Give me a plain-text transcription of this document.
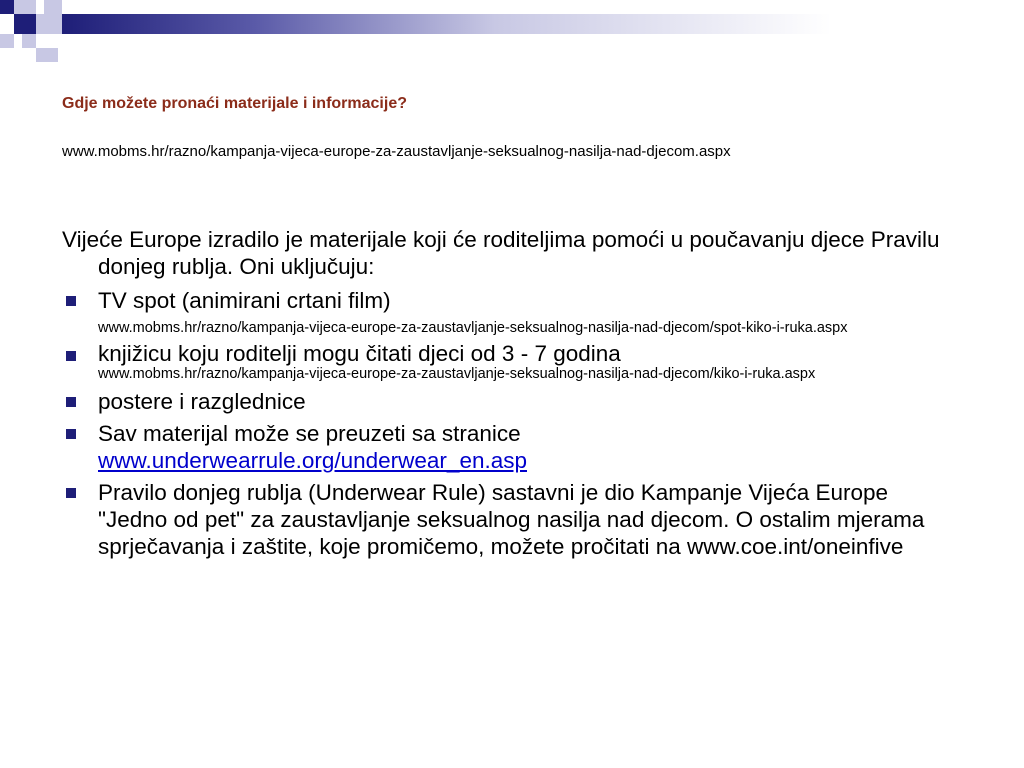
Gdje možete pronaći materijale i informacije?
www.mobms.hr/razno/kampanja-vijeca-europe-za-zaustavljanje-seksualnog-nasilja-nad-djecom.aspx

Vijeće Europe izradilo je materijale koji će roditeljima pomoći u poučavanju djece Pravilu donjeg rublja. Oni uključuju:

TV spot (animirani crtani film)
www.mobms.hr/razno/kampanja-vijeca-europe-za-zaustavljanje-seksualnog-nasilja-nad-djecom/spot-kiko-i-ruka.aspx
knjižicu koju roditelji mogu čitati djeci od 3 - 7 godina
www.mobms.hr/razno/kampanja-vijeca-europe-za-zaustavljanje-seksualnog-nasilja-nad-djecom/kiko-i-ruka.aspx
postere i razglednice
Sav materijal može se preuzeti sa stranice
www.underwearrule.org/underwear_en.asp
Pravilo donjeg rublja (Underwear Rule) sastavni je dio Kampanje Vijeća Europe "Jedno od pet" za zaustavljanje seksualnog nasilja nad djecom. O ostalim mjerama sprječavanja i zaštite, koje promičemo, možete pročitati na www.coe.int/oneinfive
